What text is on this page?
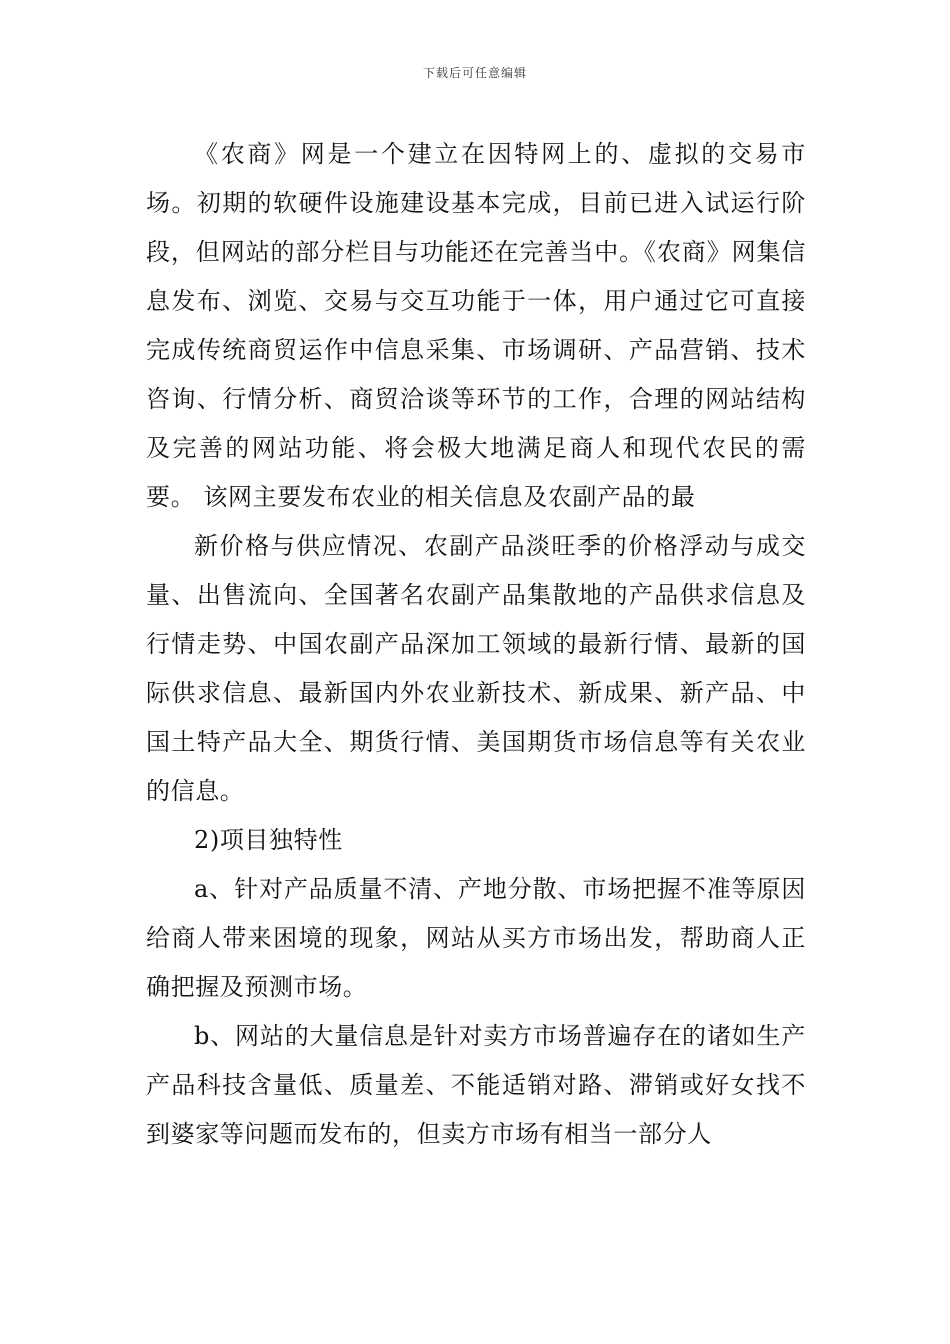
下载后可任意编辑

《农商》网是一个建立在因特网上的、虚拟的交易市场。初期的软硬件设施建设基本完成，目前已进入试运行阶段，但网站的部分栏目与功能还在完善当中。《农商》网集信息发布、浏览、交易与交互功能于一体，用户通过它可直接完成传统商贸运作中信息采集、市场调研、产品营销、技术咨询、行情分析、商贸洽谈等环节的工作，合理的网站结构及完善的网站功能、将会极大地满足商人和现代农民的需要。 该网主要发布农业的相关信息及农副产品的最

新价格与供应情况、农副产品淡旺季的价格浮动与成交量、出售流向、全国著名农副产品集散地的产品供求信息及行情走势、中国农副产品深加工领域的最新行情、最新的国际供求信息、最新国内外农业新技术、新成果、新产品、中国土特产品大全、期货行情、美国期货市场信息等有关农业的信息。

2)项目独特性

a、针对产品质量不清、产地分散、市场把握不准等原因给商人带来困境的现象，网站从买方市场出发，帮助商人正确把握及预测市场。

b、网站的大量信息是针对卖方市场普遍存在的诸如生产产品科技含量低、质量差、不能适销对路、滞销或好女找不到婆家等问题而发布的，但卖方市场有相当一部分人
